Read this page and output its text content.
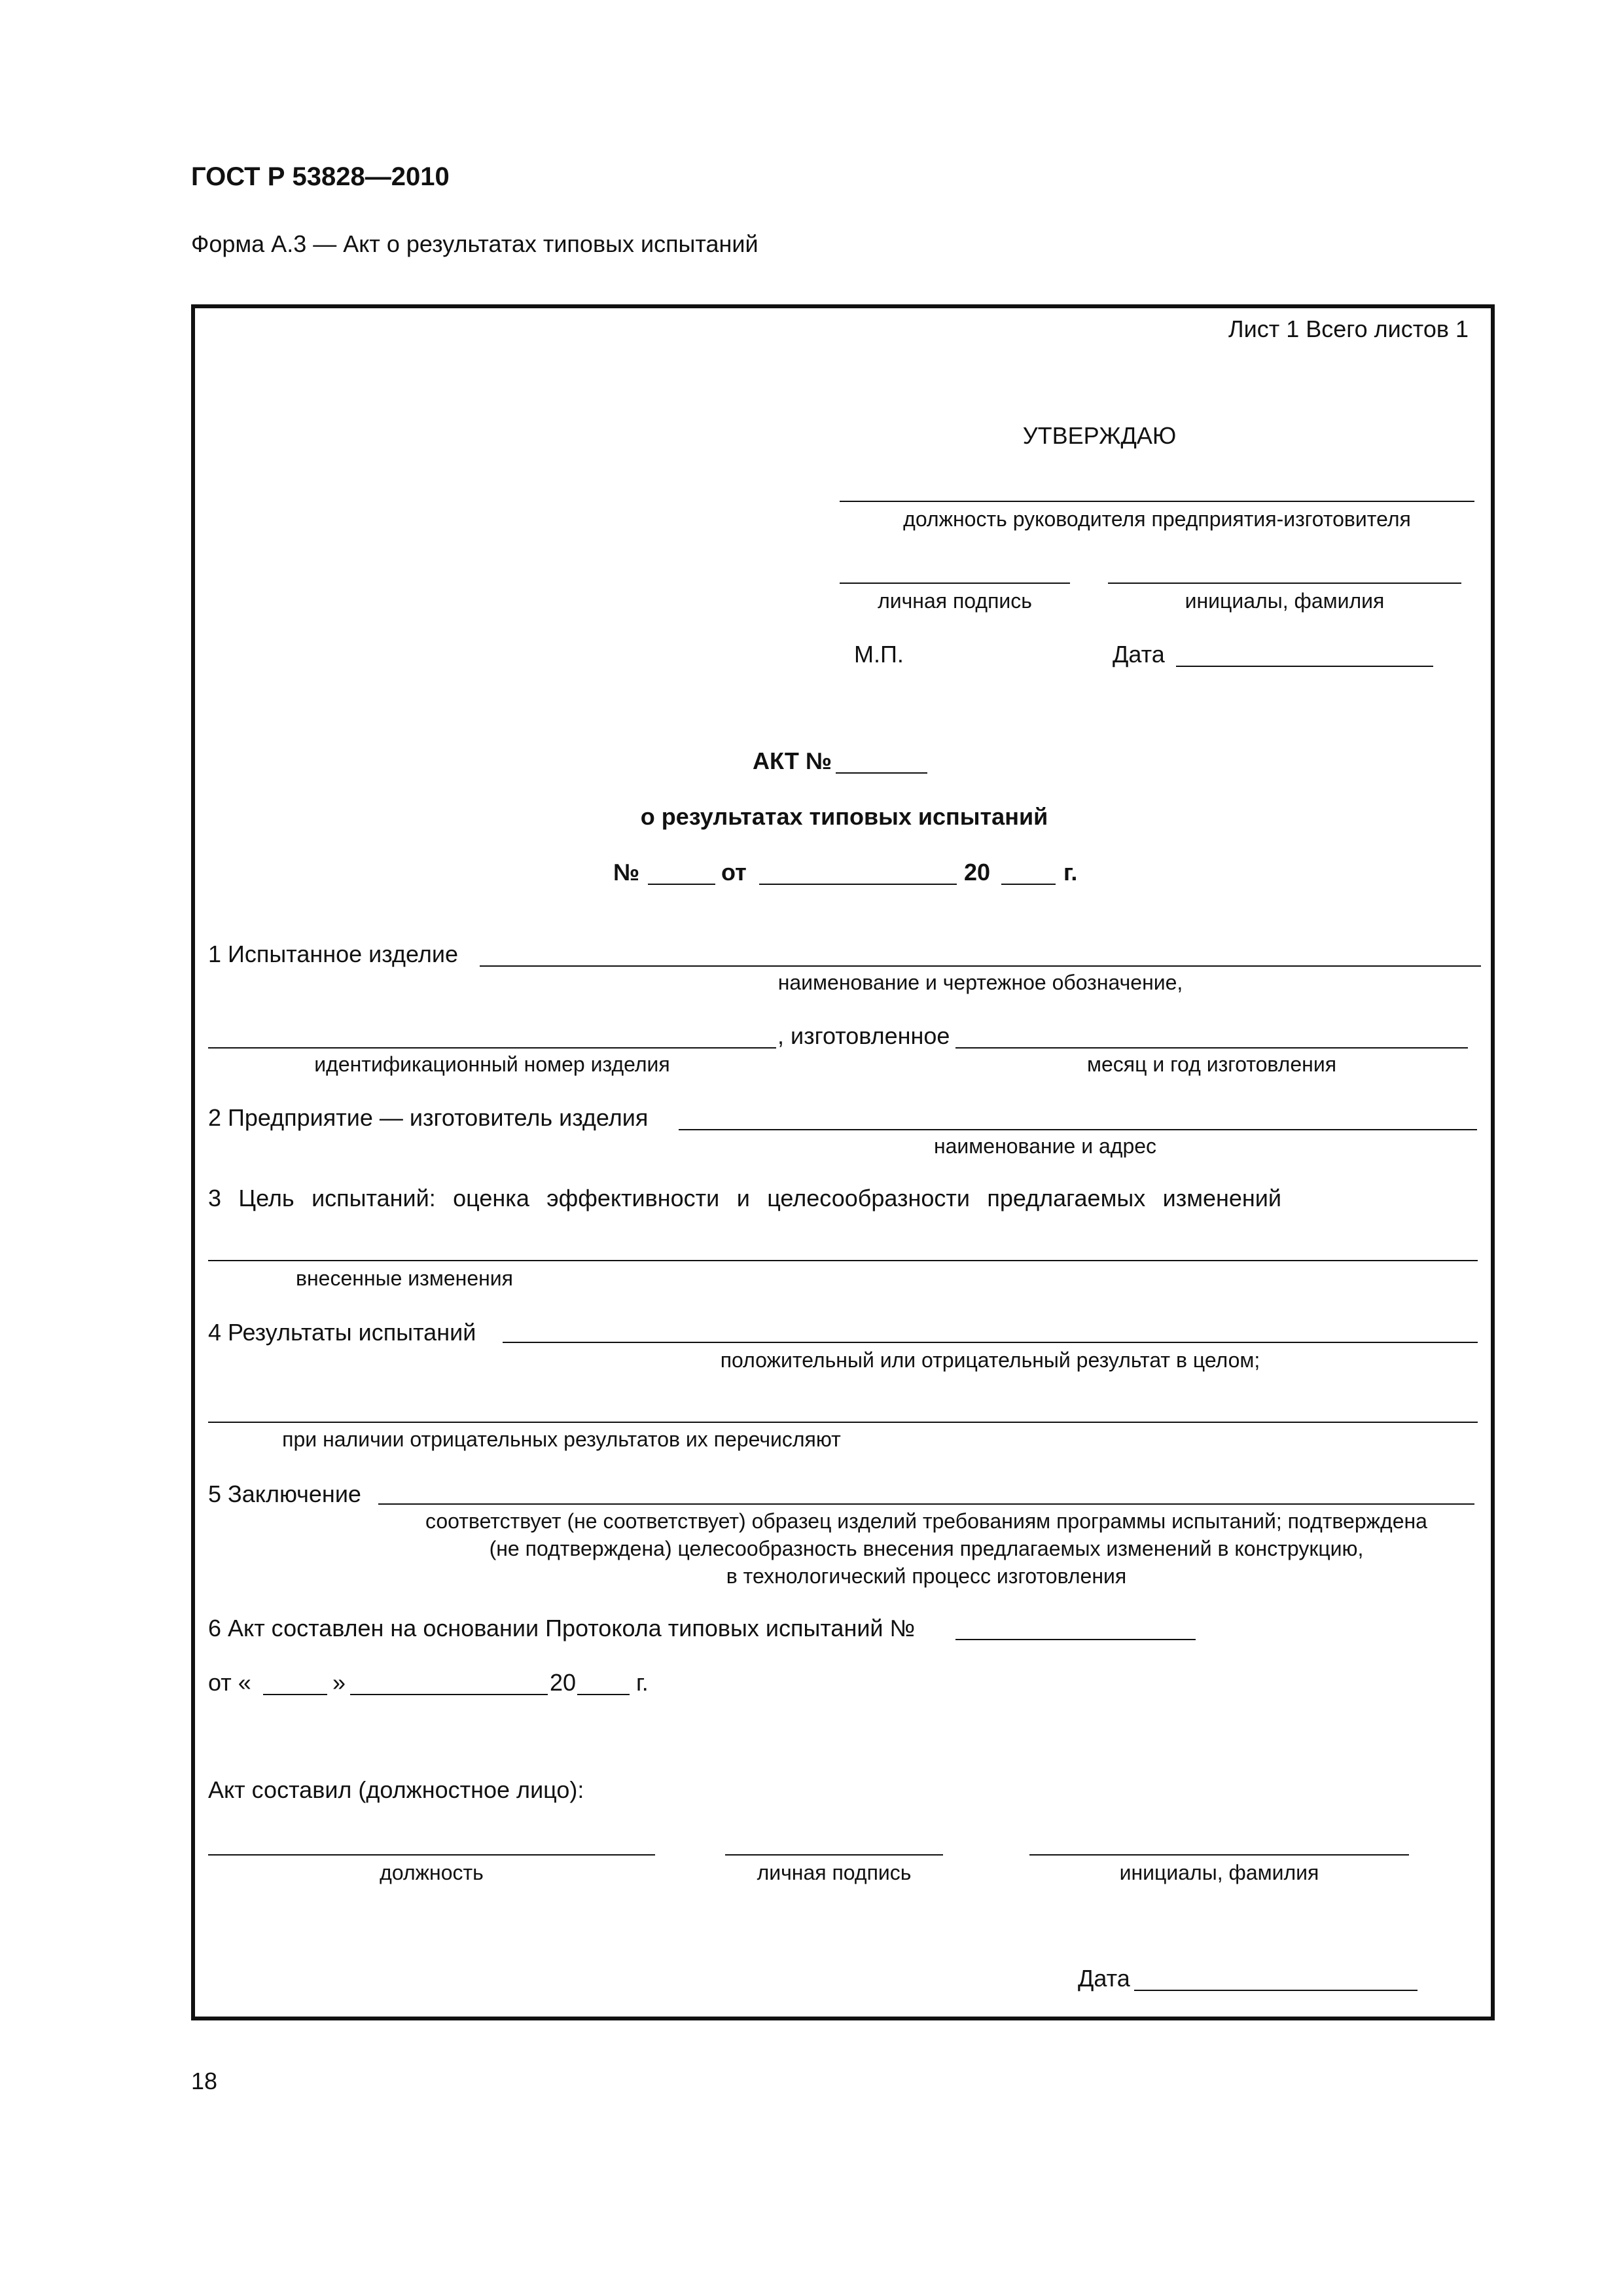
ГОСТ Р 53828—2010
Форма А.3 — Акт о результатах типовых испытаний
Лист 1 Всего листов 1
УТВЕРЖДАЮ
должность руководителя предприятия-изготовителя
личная подпись	инициалы, фамилия
М.П.	Дата
АКТ №
о результатах типовых испытаний
№	от	20	г.
1 Испытанное изделие
наименование и чертежное обозначение,
, изготовленное
идентификационный номер изделия	месяц и год изготовления
2 Предприятие — изготовитель изделия
наименование и адрес
3 Цель испытаний: оценка эффективности и целесообразности предлагаемых изменений
внесенные изменения
4 Результаты испытаний
положительный или отрицательный результат в целом;
при наличии отрицательных результатов их перечисляют
5 Заключение
соответствует (не соответствует) образец изделий требованиям программы испытаний; подтверждена
(не подтверждена) целесообразность внесения предлагаемых изменений в конструкцию,
в технологический процесс изготовления
6 Акт составлен на основании Протокола типовых испытаний №
от «	»	20	г.
Акт составил (должностное лицо):
должность	личная подпись	инициалы, фамилия
Дата
18
